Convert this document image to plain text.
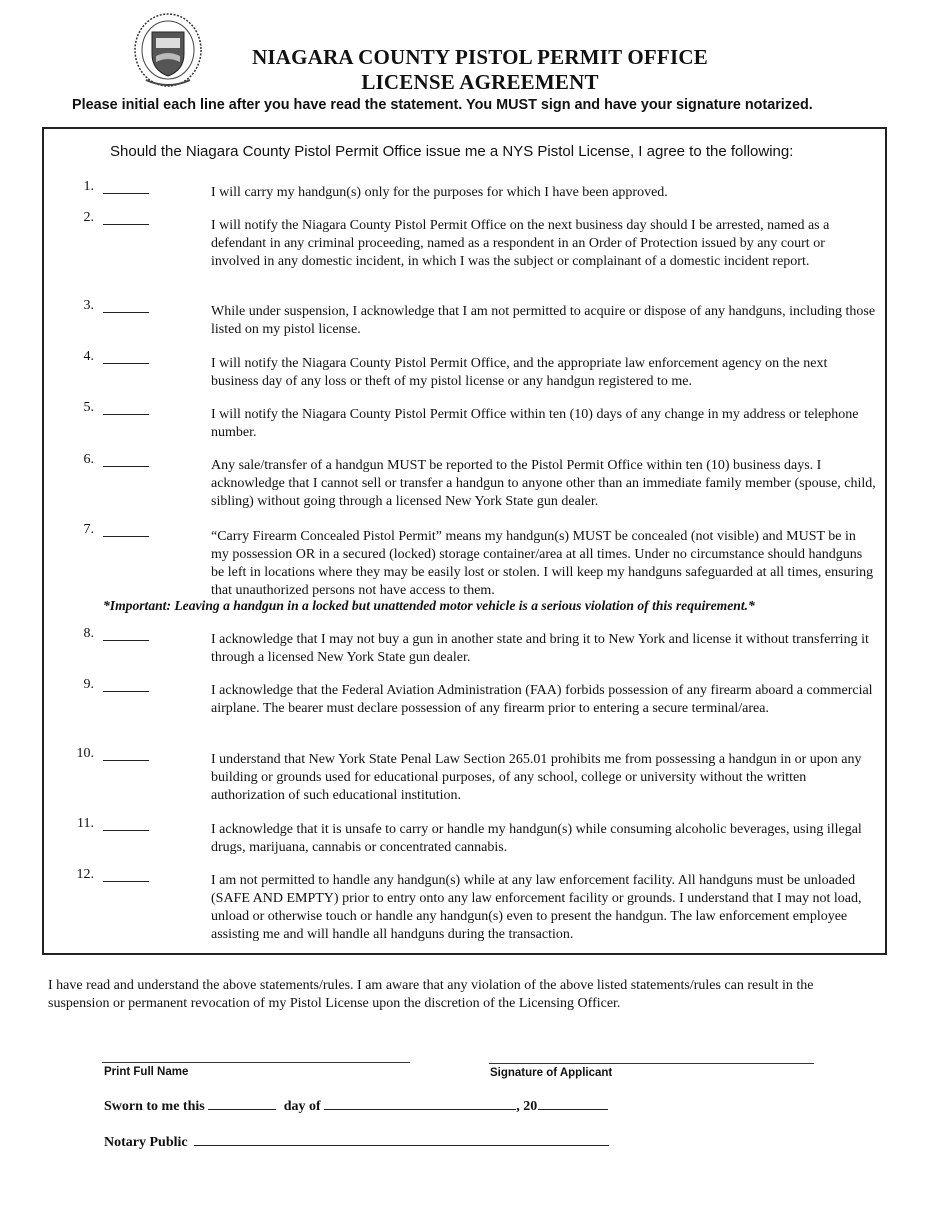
NIAGARA COUNTY PISTOL PERMIT OFFICE
LICENSE AGREEMENT
Please initial each line after you have read the statement. You MUST sign and have your signature notarized.
Should the Niagara County Pistol Permit Office issue me a NYS Pistol License, I agree to the following:
1.	I will carry my handgun(s) only for the purposes for which I have been approved.
2.
I will notify the Niagara County Pistol Permit Office on the next business day should I be arrested, named as a defendant in any criminal proceeding, named as a respondent in an Order of Protection issued by any court or involved in any domestic incident, in which I was the subject or complainant of a domestic incident report.
3.	While under suspension, I acknowledge that I am not permitted to acquire or dispose of any handguns, including those listed on my pistol license.
4.	I will notify the Niagara County Pistol Permit Office, and the appropriate law enforcement agency on the next business day of any loss or theft of my pistol license or any handgun registered to me.
5.	I will notify the Niagara County Pistol Permit Office within ten (10) days of any change in my address or telephone number.
6.	Any sale/transfer of a handgun MUST be reported to the Pistol Permit Office within ten (10) business days. I acknowledge that I cannot sell or transfer a handgun to anyone other than an immediate family member (spouse, child, sibling) without going through a licensed New York State gun dealer.
7.	“Carry Firearm Concealed Pistol Permit” means my handgun(s) MUST be concealed (not visible) and MUST be in my possession OR in a secured (locked) storage container/area at all times. Under no circumstance should handguns be left in locations where they may be easily lost or stolen. I will keep my handguns safeguarded at all times, ensuring that unauthorized persons not have access to them.
*Important: Leaving a handgun in a locked but unattended motor vehicle is a serious violation of this requirement.*
8.	I acknowledge that I may not buy a gun in another state and bring it to New York and license it without transferring it through a licensed New York State gun dealer.
9.	I acknowledge that the Federal Aviation Administration (FAA) forbids possession of any firearm aboard a commercial airplane. The bearer must declare possession of any firearm prior to entering a secure terminal/area.
10.	I understand that New York State Penal Law Section 265.01 prohibits me from possessing a handgun in or upon any building or grounds used for educational purposes, of any school, college or university without the written authorization of such educational institution.
11.	I acknowledge that it is unsafe to carry or handle my handgun(s) while consuming alcoholic beverages, using illegal drugs, marijuana, cannabis or concentrated cannabis.
12.	I am not permitted to handle any handgun(s) while at any law enforcement facility. All handguns must be unloaded (SAFE AND EMPTY) prior to entry onto any law enforcement facility or grounds. I understand that I may not load, unload or otherwise touch or handle any handgun(s) even to present the handgun. The law enforcement employee assisting me and will handle all handguns during the transaction.
I have read and understand the above statements/rules. I am aware that any violation of the above listed statements/rules can result in the suspension or permanent revocation of my Pistol License upon the discretion of the Licensing Officer.
Print Full Name	Signature of Applicant
Sworn to me this	day of	, 20
Notary Public
